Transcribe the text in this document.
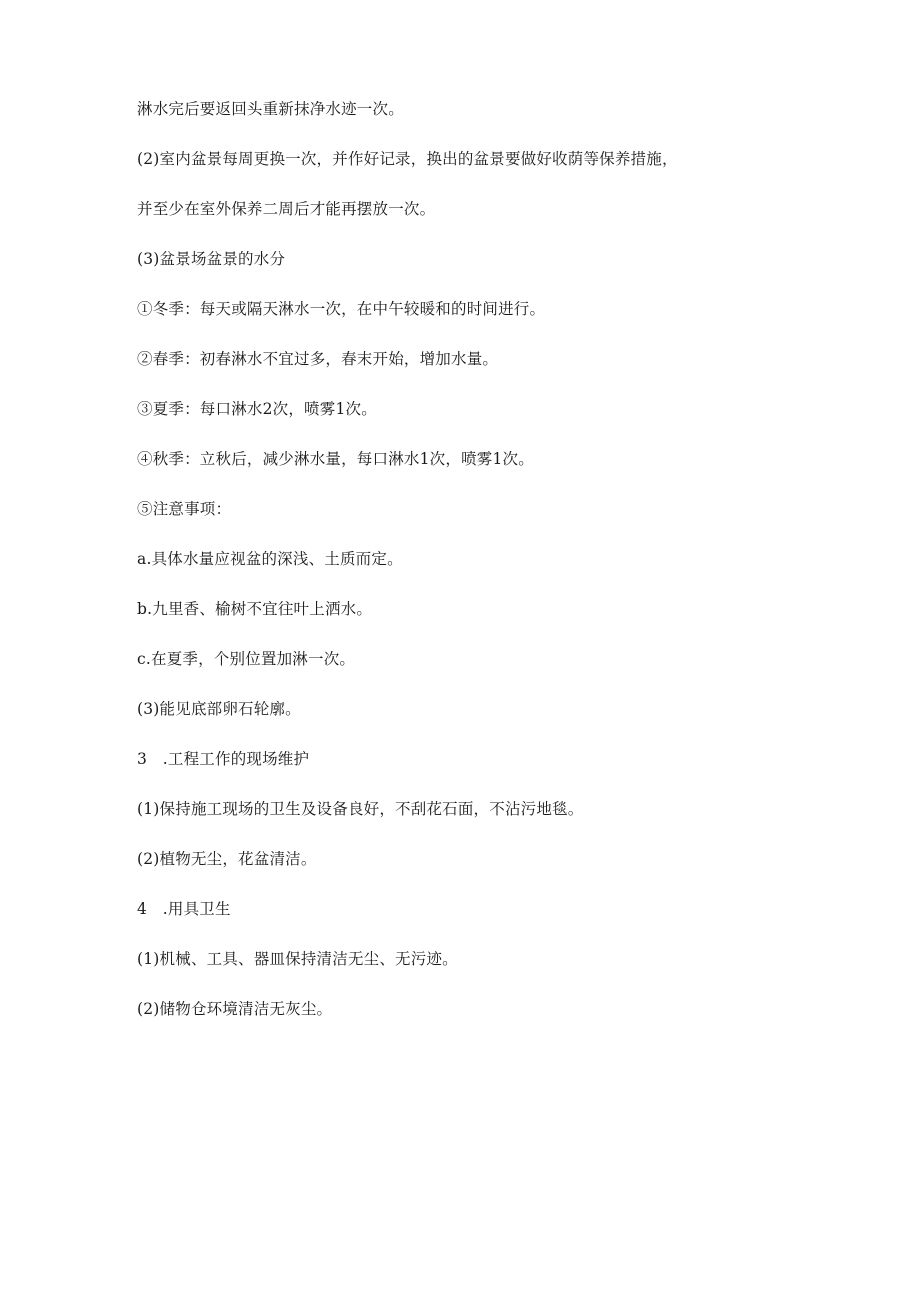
淋水完后要返回头重新抹净水迹一次。

(2)室内盆景每周更换一次，并作好记录，换出的盆景要做好收荫等保养措施，

并至少在室外保养二周后才能再摆放一次。

(3)盆景场盆景的水分

①冬季：每天或隔天淋水一次，在中午较暖和的时间进行。

②春季：初春淋水不宜过多，春末开始，增加水量。

③夏季：每口淋水2次，喷雾1次。

④秋季：立秋后，减少淋水量，每口淋水1次，喷雾1次。

⑤注意事项：

a.具体水量应视盆的深浅、土质而定。

b.九里香、榆树不宜往叶上洒水。

c.在夏季，个别位置加淋一次。

(3)能见底部卵石轮廓。

3　.工程工作的现场维护

(1)保持施工现场的卫生及设备良好，不刮花石面，不沾污地毯。

(2)植物无尘，花盆清洁。

4　.用具卫生

(1)机械、工具、器皿保持清洁无尘、无污迹。

(2)储物仓环境清洁无灰尘。
